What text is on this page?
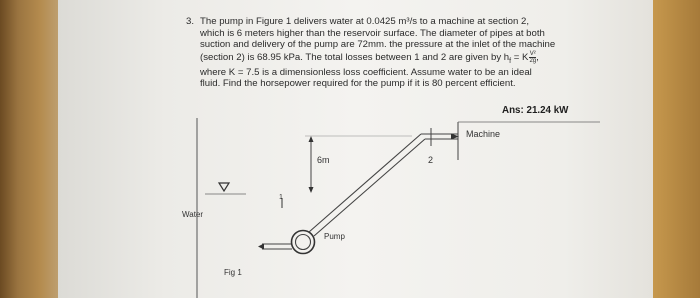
3. The pump in Figure 1 delivers water at 0.0425 m³/s to a machine at section 2,
which is 6 meters higher than the reservoir surface. The diameter of pipes at both
suction and delivery of the pump are 72mm. the pressure at the inlet of the machine
(section 2) is 68.95 kPa. The total losses between 1 and 2 are given by $h_f = K \frac{\text{V²}}{2g}$ ,
where K = 7.5 is a dimensionless loss coefficient. Assume water to be an ideal
fluid. Find the horsepower required for the pump if it is 80 percent efficient.
Ans: 21.24 kW
Machine
6m	2
1
Water
Pump
Fig 1
